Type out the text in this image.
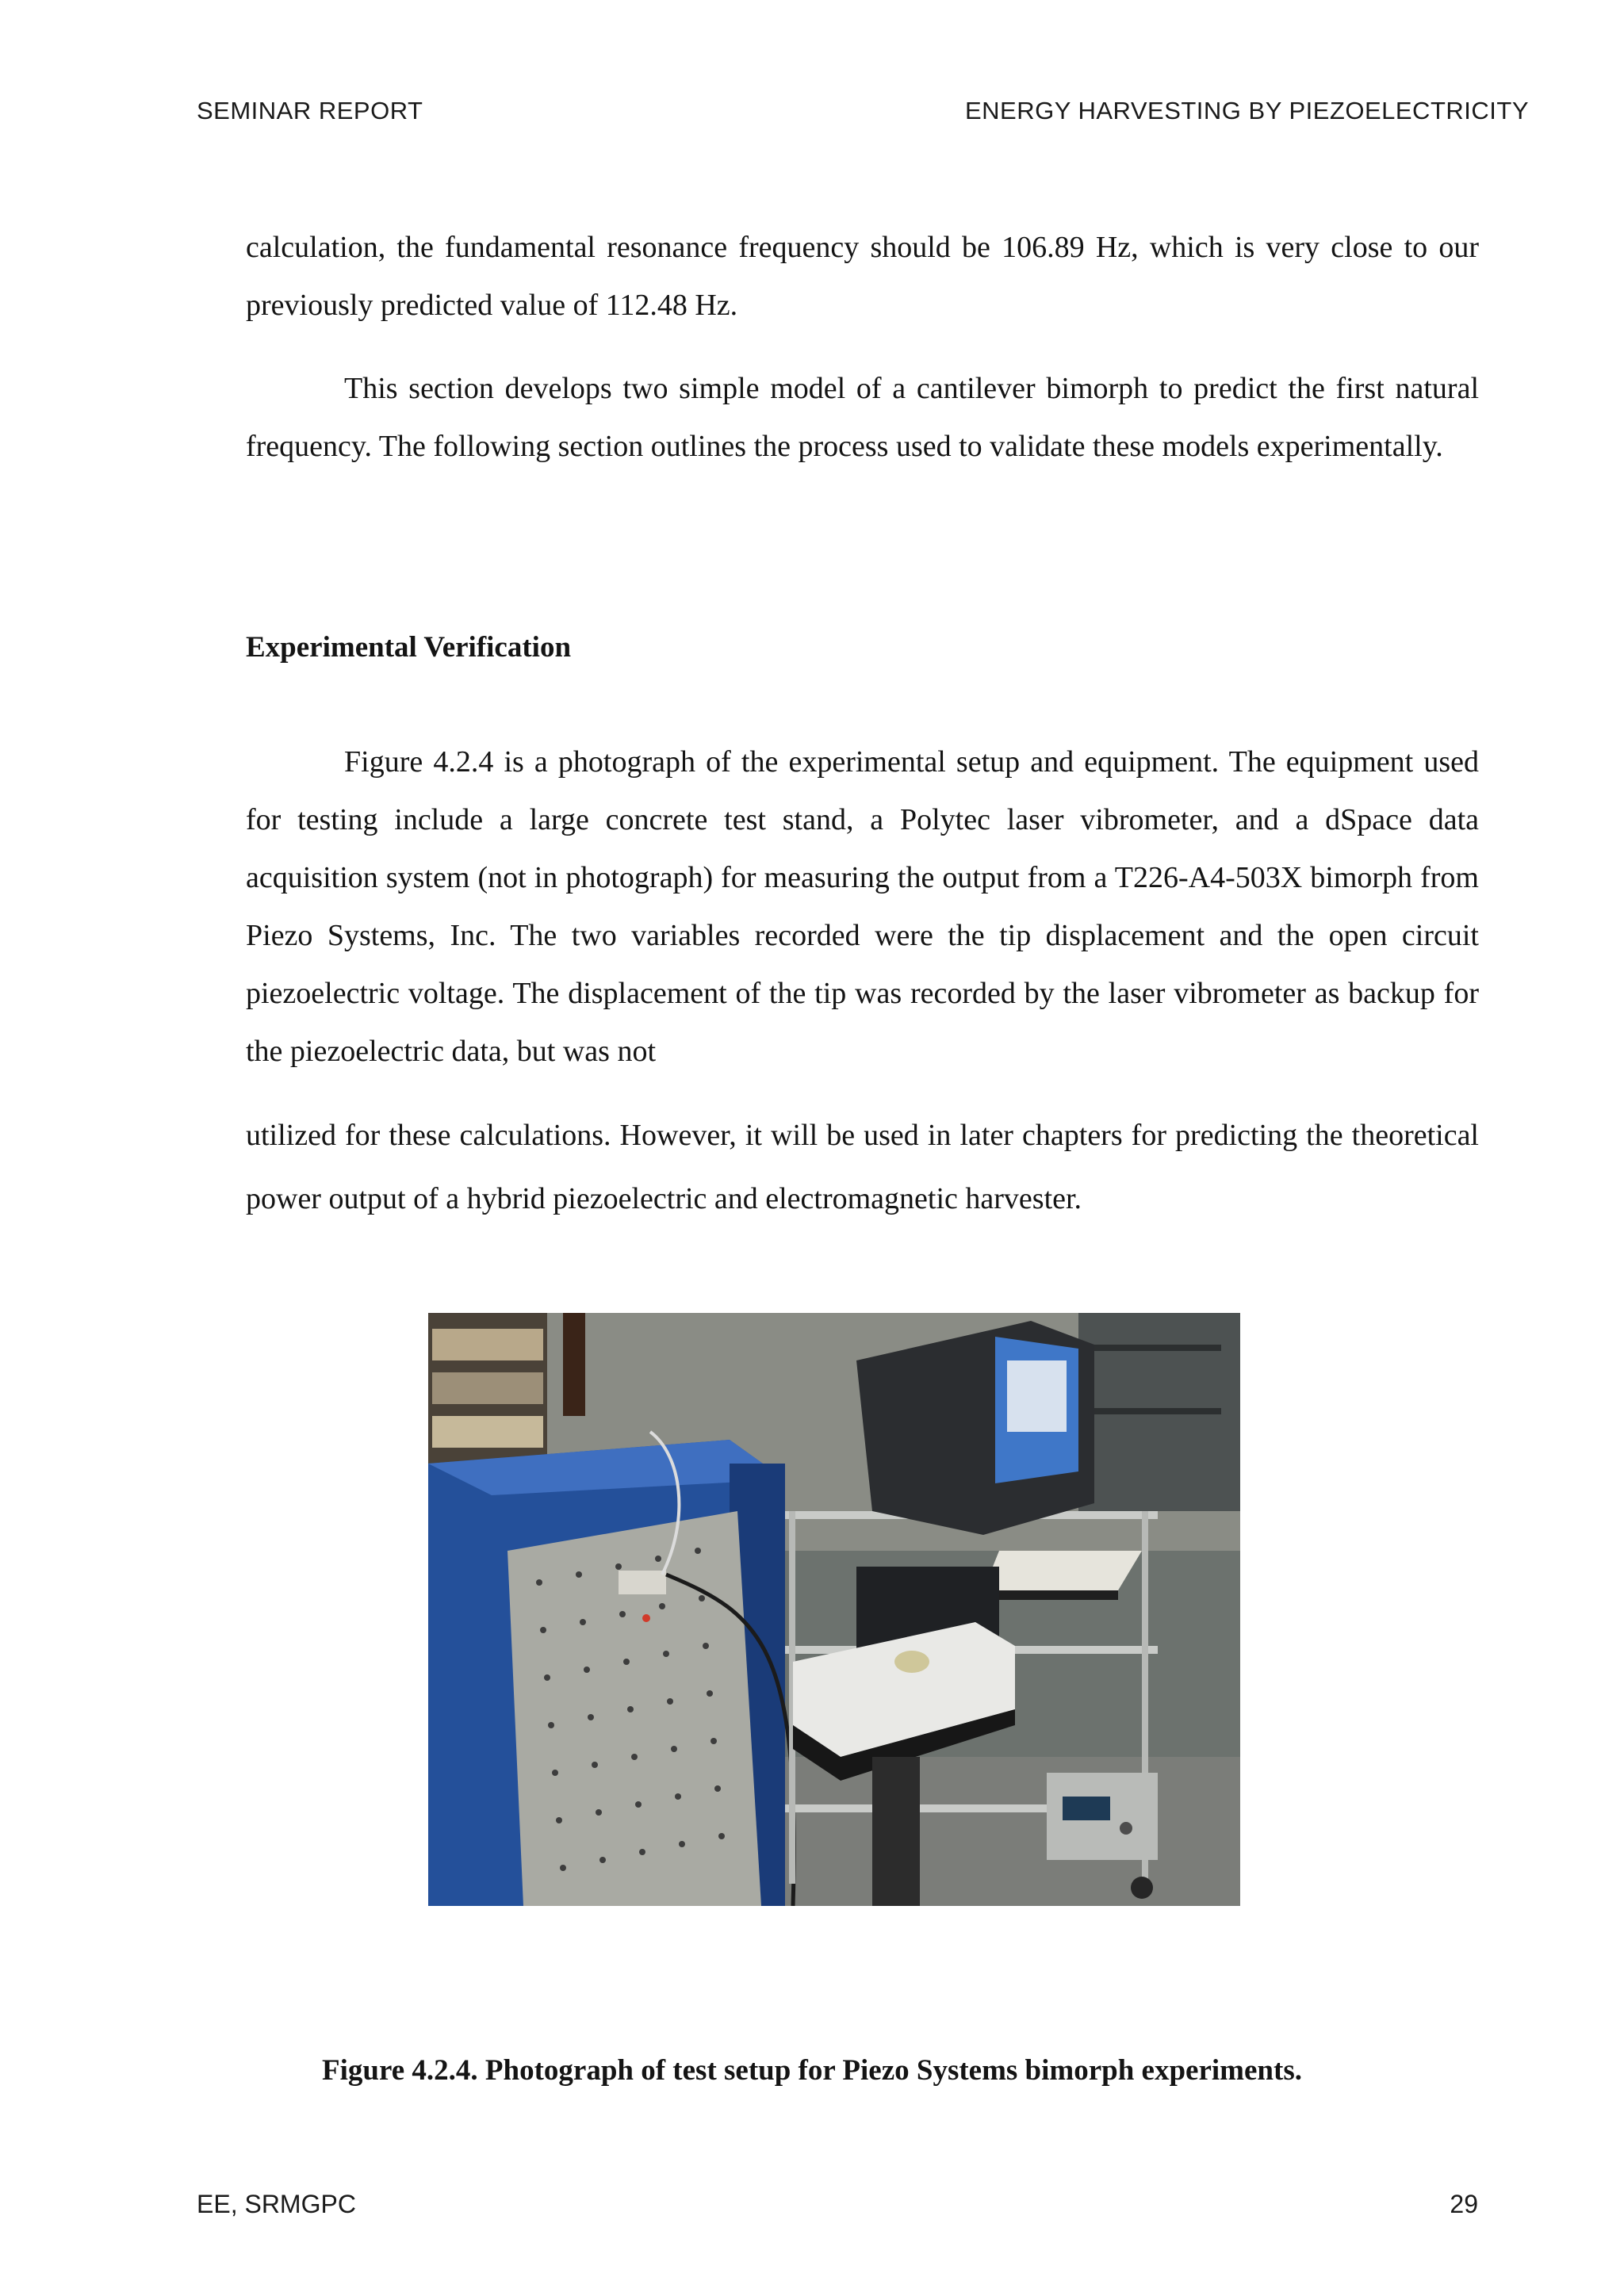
SEMINAR REPORT	ENERGY HARVESTING BY PIEZOELECTRICITY

calculation, the fundamental resonance frequency should be 106.89 Hz, which is very close to our previously predicted value of 112.48 Hz.

This section develops two simple model of a cantilever bimorph to predict the first natural frequency. The following section outlines the process used to validate these models experimentally.

Experimental Verification

Figure 4.2.4 is a photograph of the experimental setup and equipment. The equipment used for testing include a large concrete test stand, a Polytec laser vibrometer, and a dSpace data acquisition system (not in photograph) for measuring the output from a T226-A4-503X bimorph from Piezo Systems, Inc. The two variables recorded were the tip displacement and the open circuit piezoelectric voltage. The displacement of the tip was recorded by the laser vibrometer as backup for the piezoelectric data, but was not

utilized for these calculations. However, it will be used in later chapters for predicting the theoretical power output of a hybrid piezoelectric and electromagnetic harvester.

Figure 4.2.4. Photograph of test setup for Piezo Systems bimorph experiments.
EE, SRMGPC	29
